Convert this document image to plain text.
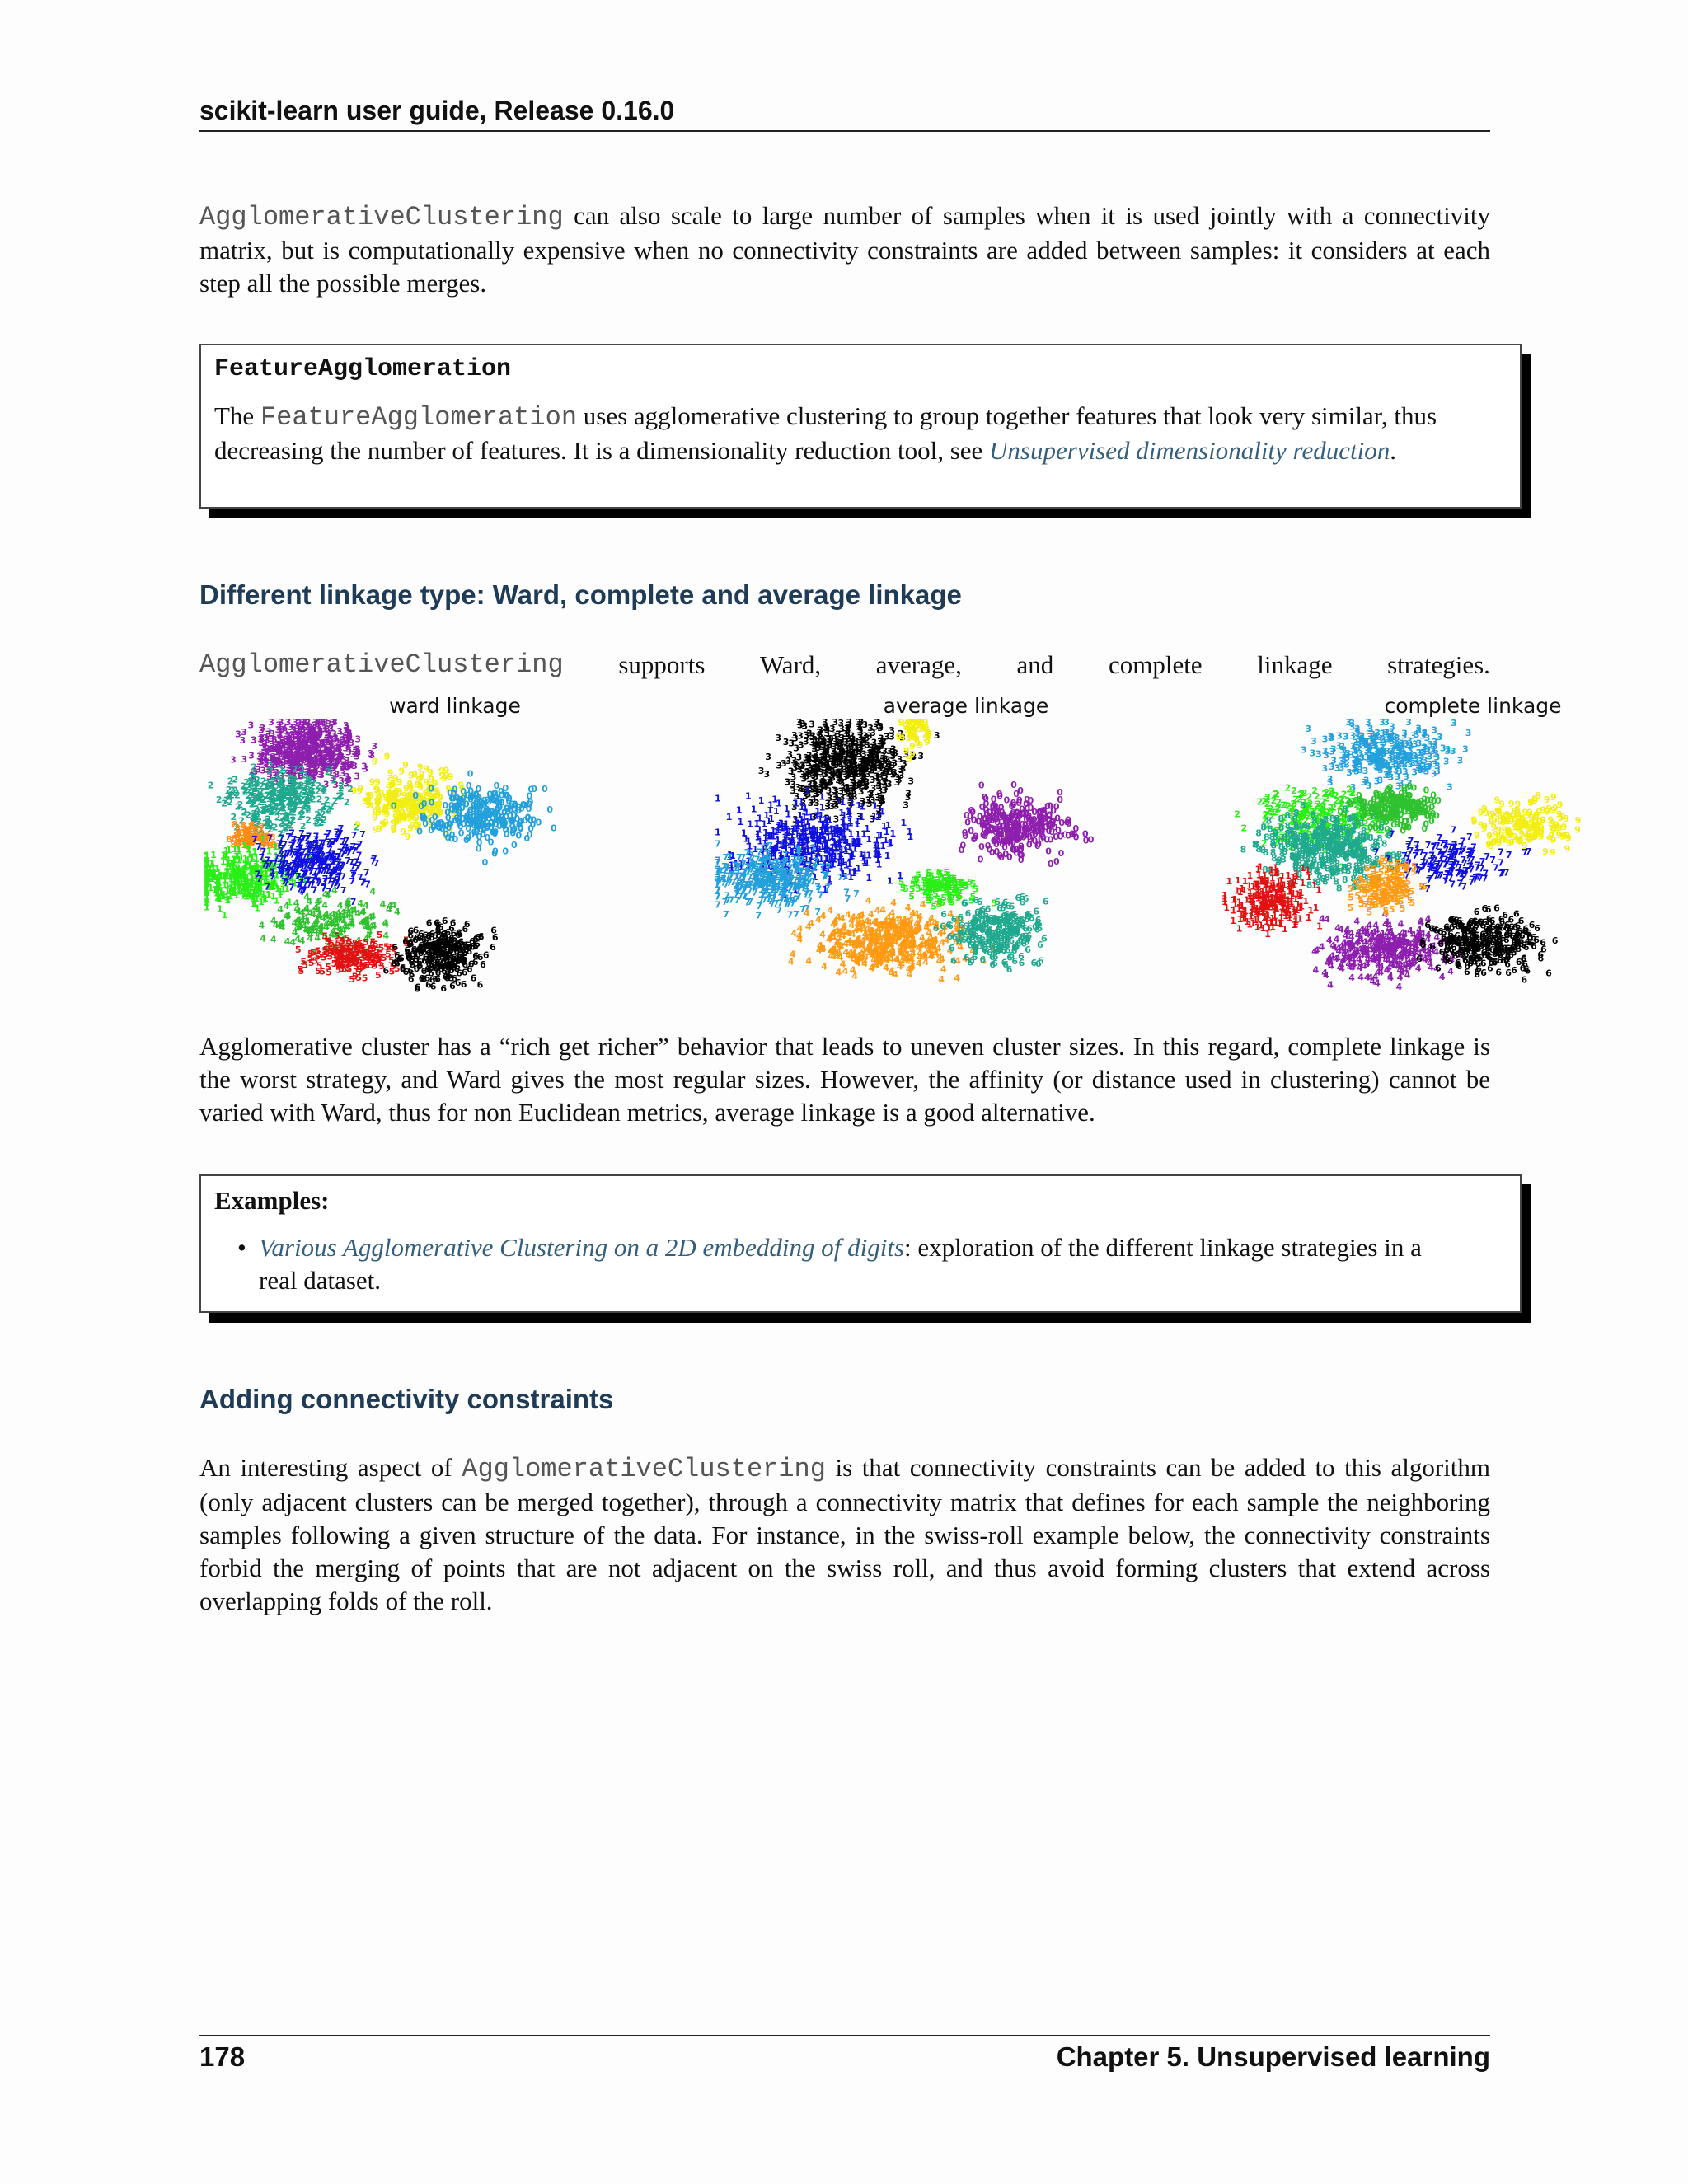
scikit-learn user guide, Release 0.16.0
AgglomerativeClustering can also scale to large number of samples when it is used jointly with a connectivity matrix, but is computationally expensive when no connectivity constraints are added between samples: it considers at each step all the possible merges.
FeatureAgglomeration
The FeatureAgglomeration uses agglomerative clustering to group together features that look very similar, thus decreasing the number of features. It is a dimensionality reduction tool, see Unsupervised dimensionality reduction.
Different linkage type: Ward, complete and average linkage
AgglomerativeClustering supports Ward, average, and complete linkage strategies.
3
3
3
3 3
3
3
3
3
3
3 3	3
3
3
3
3
3
3
3
3	3
3
3
3
3
3
3
3 3
3
3
3
3
3
3
3
3
3
3
3
3	3
3
3
3
3
3
3
3
3
3
3
3
3
3	3
3
3
3
3
3
3
3
3
3
3
3
3
3
3
3
3
3
3
3
3
3
3 3
3
3
3
3
3
3
3
3
3
3
3
3
3
3
3
3
3
3
3
3
3
3
3
3 3
3
3 3
3
3
3
3
3
3
3	3
3 3
3
3
3
3
3
3	3
3
3
3
3
3
3
3
3
3	3
3	3
3
3
3
3
3
3
3
3
3	3
3
3
3
3
3
3
3
3
3
3
3
3
3
3
3
3
3
3
3
3
3
3
3
3
3
3
3
3
3	3
3
3
3	3
3
3
3
3	3
3
3
3	3
3
3
3
3
3
3
3
3
3	3
3
3
3
3
3
3 3
3
3
3
3
3	3
3
3
3 3
3
3
3
3 3
3
3
3
3
3
3
3
3
3
3
3
3
3
3
3
3
3
3
3
3
3
3
3
3
3	3
3	3
3
3
3 3
3
3
3
3
3
3
3
3
3
3	3
3
3
3
3
3
3
3
3
3
3
3
3
3
3
3
3
3
3
3 3
3
3
3
3 3
3
3
3
3
3
3
3
3
3
3
3
3
3
3
3
3
3
3
3
3
3
3
3
3
3
3
3
3
3
3	3
3
3
3
3
3
3
3
3
3
3
3	3
3
3
3
3
3
3
3 3
3
3
3
3
3
3
3
3	3
3 3
3
3
3
3
3
3
3
3 3
3
3
3
3
3
3	3
3
3
3
3
3
3
3
3
3
3
3
3
3
3
3	3 3
3
3
3
3
3
3
3
3
3
3
3
3
3
3
3
3
3
3
3
3
3
3	3
3
3
3
3
3
3
3
3
3
3
3
3
3
3
3	3
3
3
3
3
3
3
3
3 3 3
3
3
3
3
3
3
3
3
3
3	3
3
3
3
3
3
3
3
3
3
3	3
3
3
3
3
3
3
3	3
3
3
3
3
3
3	3
3
3
3
3
3
3
3
3
3
3
3
3
3
3
3
3
3
3
3 3
3	3
3 3
3
3
3	3
3
3
3
3
3
3
3
3
3
3
3
3
3
3
3
3
3
3
3
3
3
2
2
2
2
2
2
2
2
2
2
2
2
2
2
2
2
2
2
2
2
2
2
2
2
2
2
2
2
2
2
2
2
2
2
2
2
2
2
2
2
2
2
2	2
2 2
2
2
2
2
2
2
2
2
2
2
2
2
2
2
2
2
2	2 2
2
2
2
2
2
2
2
2	2
2
2
2
2
2
2
2
2
2	2
2 2
2
2
2
2
2
2
2
2
2
2
2
2
2
2
2
2	2
2
2
2	2
2
2
2
2
2	2
2	2
2
2
2
2
2
2
2 2
2
2
2
2
2
2
2
2
2
2
2
2
2
2
2
2
2
2
2
2 2
2
2	2
2
2
2
2	2
2
2
2	2
2
2
2
2
2
2
2
2
2
2
2
2
2
2
2
2
2
2
2
2
2
2	2
2
2
2
2
2
2
2	2
2
2
2
2
2 2
2
2
2
2
2
2
2 2
2
2
2
2
2
2
2
2
2
2
2
2
2
2	2
2
2
2 2
2	2
2
2
2
2
2
2 2
2
2
2
2
2
2
2
2
2
2
2
2
2
2
2
2
2
2
2
2
2 2
2	2
2
2
2
2
2
2
2
2 2
2	2
2
2
2
2
2 2	2
2
2
2
2
2
2
2
2 2
2
2
2
2
2
2
2
2
2
2
2
2
2
2
2
2
2
2	2
2
9
9
9
9
9
9 9
9
9
9
9	9
9
9
9	9
9
9
9
9
9
9
9
9
9
9
9
9
9 9
9
9
9 9
9	9
9
9
9
9
9
9
9
9
9
9
9
9
9
9	9
9
9
9
9
9
9
9
9
9
9
9
9
9
9
9
9
9
9
9
9
9
9	9 9
9
9
9
9
9
9
9
9
9
9
9
9
9
9 9
9
9
9
9
9
9
9
9 9
9
9
9
9
9	9
9
9
9
9
9
9
9
9
9
9
9
9
9	9
9
9
9
9
9
9
9
9
9
9
9
9
9
9
9
9	9	9
9
9
9
9
9
9
9
9
9
9
9
9
9
9 9	9
9
9
9
9
9	9
9
9
9
9
9
9
9
9
9
9
9
9
9
9
9 9
9
9
9
9
9
9
9
9
9
9
9 9
9
9
9
9
9
9
9
9	9
9
9
9
9
9 9
9
9
9
9
9
9
9
9
9
9
9
9
9
9
9
9
9
9
9
9 9
9
9
9
9
9
9 9
9
9
9
9
9
9
9
9
9
9
0
0
0
0
0
0
0
0
0	0
0
0
0
0
0
0
0
0
0 0
0	0
0
0
0
0
0
0
0
0
0 0
0
0
0
0
0
0
0
0
0
0
0
0
0
0
0
0
0
0
0
0
0
0
0
0
0
0	0
0 0
0
0
0
0
0
0
0
0
0
0	0
0
0
0
0
0
0 0
0
0
0
0
0
0
0
0
0
0	0
0
0	0
0
0
0
0	0
0
0
0 0
0
0
0
0
0
0
0
0
0
0
0
0
0
0
0
0 0
0
0
0
0
0
0	0
0
0
0
0
0
0	0
0
0
0	0
0 0
0
0
0
0 0
0
0
0
0
0
0
0
0
0
0	0
0
0
0
0 0
0
0
0 0
0
0
0
0
0
0
0
0
0
0 0
0
0	0
0
0
0
0
0
0 0
0
0
0
0
0
0
0
0
0
0
0
0
0
0
0
0
0
0
0
0
0
0
0
0	0
0
0
0
0
0
0	0
0
0
0
0 0
0
0
0 0
0
0 0
0
0
0
0
0	0
0
0
0
0
0
0
0
0
0
0
0
0
0
0
0
0
0 0
0
0
0
0
0
0
0
0
0
0
0
0
0
0
0
0
0 0
0 0
0	0
0
0
0 0
0
8 8
8 8
8
8
8
8
8 8 8
8	8
8
8 8
8
8
8
8
8
8
8
8
8
8
8 8
8
8
8
8
8
8
8
8
8 8
8
8
8
8
8
8
8
8
8
8
8
8
8
8 8
8
8
8
8
8
8 8
8
8
8
8
8
8
8
8
8
8
1
1
1
1
1
1
1
1
1
1
1
1
1
1
1
1
1
1 1
1
1
1
1
1	1
1
1
1
1
1
1
1
1
1
1
1
1
1
1
1
1
1
1
1
1
1
1
1
1
1
1
1 1
1
1
1
1
1	1
1
1
1
1
1
1
1
1
1
1
1
1
1
1
1
1
1
1
1
1
1
1
1
1
1
1
1
1
1
1
1
1
1
1	1
1
1
1
1
1
1
1
1
1
1
1
1
1
1
1	1
1
1
1
1
1
1
1
1
1
1
1
1
1
1
1	1
1
1
1
1 1
1
1
1
1
1
1	1
1
1
1
1
1
1
1 1
1
1
1
1
1
1 1
1
1
1
1
1
1
1
1
1
1 1
1
1
1
1
1
1
1 1
1
1
1
1
1
1
1
1
1	1
1
1
1
1
1
1
1
1
1
1
1
1
1
1
1	1
1
1
1
1
1
1	1
1
1	1
1
1
1
1
1
1
1
1
1
1
1
1
1
1
1
1
1
1
1
1	1
1
1
1
1
1
1
1
1
1 1
1
1
1
1
1
1
1
1
1
1	1
1
1
1
1
1
1
1
1
1
1
1
1
1
1
1
1
1
1
1
1
1
1
1
1
1	1
1
1
1
1
1
1
1
1
1
1
1
1
1
1	1
1
1
1
1
1
1
1
1
1
1 1
1
1
1
1
1
1
1
1 1
1
1 1
1
1
1
1
1
1
1
1
1
1
1 1
1
1
1
1
1
1
1	1
1
1
1
1
1
1 1
1
1
1
1	1
1
1
1
1
1
1	1
1
1
1
1 1
1
1
1
1
1
1
1
1
1
1
1
1
1
1
1 1
1
1
1
1
1
1
7
7
7
7
7
7
7
7
7
7
7
7
7
7
7
7
7
7	7
7
7
7
7
7
7
7 7
7
7
7	7
7
7
7
7
7
7
7
7
7
7
7
7
7
7
7
7
7
7
7
7
7
7
7
7
7
7
7
7
7 7
7
7
7
7
7
7 7
7
7	7
7
7
7
7
7 7
7
7
7
7
7
7
7
7
7 7
7 7
7
7
7
7
7
7
7
7
7
7
7
7
7
7
7
7
7
7
7
7
7
7
7
7
7
7
7
7
7
7
7
7
7
7
7
7
7
7
7
7
7
7
7
7
7
7	7
7 7
7
7
7
7
7
7
7 7
7
7
7
7
7
7
7
7
7
7
7	7
7
7
7
7
7
7
7 7
7
7
7
7
7
7
7 7
7
7
7
7
7
7
7
7
7
7
7
7
7
7
7
7
7
7
7
7
7
7
7
7
7	7
7
7
7
7
7
7
7
7
7
7
7
7
7
7
7
7
7
7
7
7
7
7
7
7
7
7
7 7
7
7
7 7
7
7
7
7
7
7
7
7
7
7
7	7
7
7
7
7
7
7
7
7
7
7
7
7
7
7
7
7
7
7 7
7
7
7
7
7
7
7
7
7
7
7
7
7
7
7
7
7	7
7
7
7
7
7
7	7
7
7
7
7
7
7
7
7
7
7
7
7
4 4
4	4
4
4
4
4
4
4 4
4
4	4
4
4
4
4 4 4
4
4
4
4
4
4
4
4
4
4
4 4
4
4
4
4
4
4
4
4
4
4
4
4
4
4
4
4
4
4
4
4
4
4
4
4
4
4
4
4
4
4
4
4
4
4
4
4
4
4
4
4
4
4
4 4
4
4
4
4 4
4
4
4
4
4
4	4
4
4
4
4
4
4
4
4
4
4
4
4	4 4
4
4
4
4
4
4
4
4
4
4
4
4
4
4 4
4	4
4
4
4
4
4
4
4 4
4
4
4
4	4
4
4
4
4
4
4
4
4
4
4 4 4
4
4 4
4
4
4
5
5
5	5
5
5
5
5
5
5
5
5
5 5
5
5
5
5 5
5
5
5
5
5
5
5
5
5
5	5
5
5
5
5
5
5
5
5
5
5
5
5
5
5
5
5
5	5
5
5
5
5
5
5	5
5 5
5
5
5
5
5
5
5
5
5
5
5
5
5
5
5
5
5
5
5
5
5
5
5	5
5
5
5
5
5
5
5
5
5
5
5
5
5
5
5
5
5
5
5
5
5
5
5
5
5
5
5
5
5
5
5
5
5
5
5	5
5
5
5
5
5 5
5
5
5
5
5
5	5
5
5
5
5
5
5 5
5
5
5
5
5
5
5
5
5
5
5
5
5
5
5
5
5
5
5
5	5
5 5
5
5
5
5
5
5
5
5
5
5
5
5
5 5
5
5
5
5
5
5
6 6
6
6
6
6
6
6
6
6
6
6
6
6
6	6
6
6
6
6
6
6
6
6
6
6
6
6
6
6
6 6
6
6
6
6
6
6
6
6
6
6
6
6
6
6
6
6
6
6
6	6
6
6
6
6
6
6
6
6
6
6
6
6
6
6
6
6
6
6
6
6
6
6
6
6
6
6
6
6 6
6
6 6
6
6 6
6
6
6
6
6
6
6
6
6
6
6
6
6
6
6
6
6
6
6
6
6
6
6	6
6
6	6
6
6
6
6
6
6
6
6
6
6
6
6 6
6
6
6
6
6
6
6 6
6
6
6
6
6
6
6
6	6
6
6
6
6
6
6
6
6
6
6
6
6
6
6
6
6
6
6
6
6
6
6 6
6
6
6
6
6
6
6
6	6
6
6
6
6
6
6
6
6
6
6
6
6
6
6 6
6 6
6
6
6
6
6
6
6	6
6
6
6
6	6
6
6
6
6
6
6
6
6
6
6
6
6
6
6
6
6 6 6
6	6
6
6
6
6
6 6
6
6
6
6 6
6
6
6
6
6
6	6
6
6
6
6
6
6
6
6
6
6
6
6	6
6
6
6
6
6 6
6
6
6
6
6
6
6
6
6
6
6
6 6
6
6
6
6
ward linkage
3
3
3
3
3
3
3
3
3
3
3
3
3
3 3
3
3
3
3
3
3
3
3
3
3
3
3
3
3	3
3
3
3
3
3
3 3
3
3
3
3
3
3
3
3
3
3
3
3
3
3
3
3
3
3
3
3
3
3
3
3
3
3
3
3
3
3
3
3
3 3	3
3
3
3
3
3
3
3
3
3
3
3
3
3
3
3
3
3
3
3
3
3
3
3
3
3
3
3
3
3
3
3
3
3
3
3
3
3
3
3
3
3
3
3
3
3
3
3
3
3
3
3
3
3
3
3
3
3
3
3
3
3
3
3
3	3
3	3
3
3
3
3
3	3
3
3
3
3	3
3
3
3
3
3
3
3
3
3
3
3
3
3
3
3
3
3
3
3
3
3
3
3
3
3
3
3
3
3
3
3
3
3
3
3 3
3
3	3
3
3
3
3
3
3
3
3
3
3
3
3
3
3
3
3
3
3	3
3
3
3
3
3
3
3
3
3
3
3
3 3
3
3
3
3
3
3	3
3
3
3
3
3
3
3
3
3
3 3
3
3
3
3
3
3 3
3
3
3
3
3
3
3
3
3
3
3 3	3
3
3
3 3
3
3
3
3
3
3
3	3
3
3
3
3
3
3
3
3
3
3
3
3
3
3
3	3
3
3	3
3
3
3
3
3
3
3
3
3
3
3
3
3
3
3
3
3
3
3
3
3
3
3
3
3
3
3
3
3
3
3
3
3
3
3
3
3
3
3
3
3
3	3
3
3
3
3	3
3
3
3
3
3
3
3
3
3
3
3
3
3
3
3
3
3
3
3
3
3
3
3
3
3
3
3
3
3
3
3
3
3
3
3
3
3
3
3
3
3
3
3
3
3
3
3
3
3
3
3
3
3
3
3
3
3
3
3
3
3
3
3
3
3
3
3
3
3
3
3
3
3
3
3
3
3
3
3
3
3
3
3
3
3
3
3
3
3
3 3
3
3
3
3
3
3
3
3
3
3
3
3
3
3
3
3
3
3
3
3
3
3
3
3
3
3
3
3
3
3	3
3
3
3
3
3	3
3
3
3
3
3
3
3
3
3
3
3
3
3
3
3
3
3
3
3
3
3
3
3
3
3
3
3
3
3
3
3
3
3
3 3
3
3
3
3
3
3
3
3
3
3
3
3
3
3	3
3
3
3
3
9
9
9
9
9
9 9
9
9
9
9
9
9 9
9 9
9
9 9
9
9
9
9
9
9
9
9
9
9
9
9
9
9
9
9
9
9 9
9
9
9
9 9
9
9
9
9
9 9
9
9
9 9
9
9 9
9
9
9
9
0
0
0
0
0
0
0
0
0
0
0
0
0
0
0
0
0
0
0	0
0
0
0
0
0
0
0 0
0
0
0
0
0
0
0
0
0
0
0
0
0
0
0
0 0
0
0
0
0
0
0
0
0
0
0	0
0
0
0
0
0
0
0
0
0
0
0
0
0 0
0
0
0
0
0
0
0
0
0
0
0
0
0
0
0
0
0
0
0
0
0
0
0
0
0
0
0
0
0
0 0
0
0	0
0
0	0
0
0
0
0
0
0
0
0
0
0
0
0
0
0 0
0
0
0
0
0
0
0
0
0
0
0
0
0
0
0
0
0
0
0
0
0
0 0
0
0
0
0
0
0
0
0
0
0
0
0
0
0
0
0
0
0 0	0
0
0
0	0
0
0 0
0
0 0
0	0
0
0
0
0
0 0
0
0
0
0
0
0
0
0
0
0
0
0
0
0
0
0
0
0
0
0
0
0
0
0
0
0
0
0
0
0
0
0
0
0
0
0
0	0
0
0
0
0
0
0
0
0
0	0
0
0
0
0	0
0
0
0
0
0
0	0
0
0
0	0
0
0
0
0
0
0
0
0
0
0
0	0
0
0
0
0 0
0
0
0
0
0
0 0
0
0
0
0
0
0
0
0
0
0
0
0
0
0
0
0
0
0
0
0
0
0
0
0
0
0
0	0
0
1
1
1
1
1
1
1
1
1
1
1
1
1
1
1
1
1
1
1
1
1
1
1
1
1
1
1
1
1
1
1
1
1
1 1
1
1
1
1
1
1
1
1
1
1
1
1
1
1
1
1
1
1
1
1
1
1
1
1
1
1
1
1
1
1	1
1
1
1
1	1
1
1
1
1 1
1
1
1
1
1
1
1
1
1
1
1
1
1 1
1
1
1
1 1
1
1
1
1
1
1
1
1
1
1
1
1
1
1
1
1
1
1
1
1
1
1
1
1
1
1
1	1
1
1
1
1
1
1
1
1
1
1
1
1
1
1
1	1	1
1
1	1
1
1
1
1
1
1
1
1
1
1
1
1
1
1
1
1
1
1
1
1	1
1
1
1
1
1
1
1
1
1
1
1
1 1
1	1
1
1
1 1
1
1
1
1
1
1
1
1
1
1
1
1
1
1
1
1
1
1
1
1
1
1
1 1
1
1
1
1
1
1
1
1
1
1
1
1
1
1 1
1
1
1
1
1
1	1
1
1
1
1
1
1
1
1
1
1
1
1	1
1
1
1	1
1
1
1
1
1
1
1
1
1
1
1
1
1
1
1
1
1
1
1
1
1
1
1
1
1
1
1
1	1
1
1
1	1
1	1
1
1
1
1	1
1
1
1
1
1
1
1
1
1
1 1
1
1 1
1
1
1
1
1
1
1
1
1
1
1
1 1
1
1
1
1
1
1 1
1
1
1
1
1
1
1
1
1	1
1
1
1
1
1
1
1
1
1
1
1
1
1
1
1
1
1
1
1
1	1
1
1
1
1
1
1
1
1
1
1
1
1
1
1
1
1
1
1
1
1
1
1
1
1
1
1
1
1
1
1	1
1
1	1
1
1
1
1
1
1
1
1
1
1
1	1
1
1
1
1
1
1
1
1
1
1
1
1
1
1
1
1
1	1
1
1
1
1
1
7
7
7
7
7 7
7
7 7
7
7
7	7
7
7
7
7
7
7
7
7
7	7
7
7
7
7
7
7
7
7
7
7
7
7
7 7
7
7
7
7
7
7
7
7
7
7
7
7
7
7
7
7
7	7
7
7
7
7	7	7
7
7
7	7 7
7
7
7
7
7
7
7
7
7
7
7 7
7
7
7
7
7
7
7
7
7
7
7
7
7
7
7
7 7
7
7
7
7
7	7
7
7
7
7
7
7
7
7
7
7
7	7
7
7
7
7
7
7
7
7
7
7
7
7
7
7
7
7
7
7
7
7
7
7
7
7	7
7
7
7 7 7
7
7
7
7
7
7
7
7
7
7
7
7
7
7
7
7
7
7
7 7
7
7
7
7
7
7
7
7
7
7
7
7
7
7 7
7
7
7
7
7
7
7
7
7
7
7
7
7
7
7
7
7
7
7 7
7
7
7
7
7
7
7
7
7
7	7
7
7
7
7
7
7
7
7
7
7
7	7
7
7
7
7
7
7
7
7
7
7
7
7
7
7
7
7
7
7
7
7
7
7
7
7
7
7
7 7
7
7
7
7
7
7
7
7
7
7
7
7
7
7
7
7
7
7
7
7
7
7
7	7
7
7
7
7
7
7
7 7
7
7
7
7
7
7
7
7
7
7
7
7
7
7
7
7
7
7
7
7
7
7
7
7
7
7
7
7
7
7	7
7
7
7
7
7
7
7
7 7
7
7
7
7
7
7
7
7
7
7
7
7
7
7
7
7
7
7
7
7
7
7	7
7
7
7
7
7
7
7
7
7
7
7
7
7
7
7
7
7
7 7
7
7
7
7
7
7
7
7
7
7
7
7
7
7
7 7	7
4
4 4
4
4
4
4
4
4
4
4
4
4
4
4
4
4
4
4
4
4
4
4 4
4
4
4
4
4
4
4
4
4
4
4
4
4
4
4
4
4
4
4
4
4
4 4
4
4
4
4
4
4
4
4
4
4
4
4
4
4
4
4
4
4
4
4
4	4
4
4
4
4
4
4
4
4
4
4
4
4
4
4
4
4
4
4
4
4
4
4
4
4
4	4
4
4
4
4
4
4
4
4
4
4
4
4
4
4
4
4 4
4
4
4
4
4
4
4
4
4
4
4
4
4
4
4
4	4
4	4
4
4
4	4
4
4
4
4
4	4
4	4
4
4
4
4
4
4
4 4
4
4
4
4
4
4
4
4
4	4
4
4
4
4
4
4
4
4
4	4
4
4
4	4
4
4
4
4	4
4
4
4	4
4
4
4	4
4
4
4
4
4	4
4
4
4
4
4
4
4
4
4
4
4
4	4
4
4
4
4
4
4
4
4
4
4
4
4
4
4
4
4
4
4	4
4
4
4
4
4
4
4
4
4
4
4
4
4
4
4	4
4
4
4
4
4 4
4
4
4
4
4
4
4
4
4
4
4
4
4
4
4
4
4
4
4
4
4
4
4
4
4
4
4
4
4
4 4
4
4
4
4
4
4
4
4
4
4 4
4
4
4
4	4
4
4
4
4
4
4
4
4
4
4
4
4
4
4
4
4
4
4
4	4
4
4
4
4
4
4
4
4
4
4
4	4
4
4
4
4
4
4
4	4
4
4	4
4
4
4
4
4	4
4
4
4
4
4
4
4
4
4
4	4
4
4 4
4
4
4	4
4
4
4
4
4
4
4
4
4
4
4
4
4
4
4
4 4
4
4
4
4 4
4 4
4
4
4
4
4
4
4
4
4
4
4
4
4
4
4	4
4
4
4
4
4
4
4
4
4
4	4
4
4
4
4	4
4
4	6
6
6
6
6
6 6
6
6
6
6
6	6
6
6
6
6
6
6
6
6
6
6
6
6
6
6
6
6
6
6
6
6
6
6
6
6	6
6
6
6
6
6
6 6
6
6
6
6
6
6
6
6
6
6
6
6
6
6
6
6
6
6
6
6
6	6
6
6
6
6
6	6
6
6
6
6
6
6
6
6
6
6
6
6
6
6
6
6
6
6
6
6
6
6
6
6
6
6
6
6
6
6	6
6
6
6
6
6
6
6
6
6
6	6
6
6
6
6
6
6
6
6
6
6
6
6
6
6
6
6
6
6
6	6
6
6 6
6
6
6
6
6
6
6
6
6
6
6
6
6
6
6
6
6
6
6	6 6
6
6
6
6
6
6
6
6 6
6	6
6
6
6
6
6
6
6
6
6 6
6
6
6
6 6
6
6
6
6
6
6
6
6
6
6
6
6
6
6
6
6
6
6
6
6
6	6
6 6
6
6
6
6
6
6
6 6
6
6
6
6
6
6
6	6
6
6
6
6
6
6
6
6
6
6
6
6
6
6
6 6
6
6
6
6
6
6
6
6
6
6
6
6
6
6
6
6
6
6
6
5
5
5
5
5
5
5
5 5
5
5 5	5
5
5
5
5
5
5
5 5
5
5
5
5 5
5
5
5
5
5
5
5
5 5
5 5
5
5
5
5
5	5
5
5
5
5	5
5 5
5
5
5 5
5 5
5
5
5
5
5 5
5
5
5	5
5
5
5
5
5
5
5
5 5
5
5
5
5
5
5
5
5
5
5
5
5
5
5
5
5
5
5
5
5	5
5 5
5
5
5
5
5
5	5
5 5
5
5
5
5
5
5 5 5
5
5
5
5
5
average linkage
3
3
3
3
3
3
3
3
3
3
3
3
3
3
3
3
3
3
3
3 3
3
3
3
3
3
3
3
3	3
3
3
3
3
3
3
3
3 3
3
3
3
3 3
3
3	3	3
3	3
3
3
3
3
3
3
3
3
3
3
3
3
3
3	3
3
3
3
3
3
3 3
3
3
3
3
3
3
3 3
3
3
3
3
3
3
3	3 3
3
3
3
3
3
3
3
3
3
3
3
3
3
3
3
3
3
3
3
3
3
3
3 3
3
3
3
3
3	3
3
3
3
3
3
3
3
3
3
3
3
3
3	3
3
3
3
3
3
3
3
3
3
3
3
3
3
3
3
3
3
3
3
3
3 3
3
3
3
3
3
3
3
3
3
3
3
3
3
3
3
3
3	3
3
3
3
3
3
3
3
3
3
3
3
3
3
3
3 3
3
3
3
3
3
3
3
3
3
3
3	3
3
3
3
3
3
3
3
3
3
3
3
3
3
3
3
3
3
3
3
3
3
3
3
3
3
3
3
3
3
3
3
3
3
3
3 3
3
3
3
3
3
3
3
3
3
3
3
3
3
3
3
3
3
3	3
3
3
3
3	3
3
3	3
3
3
3
3
3
3
3
3
3
3
3	3
3
3
3
3
3
3
3
3
3
3
3
3
3	3
3	3
3
3
3
3
3
3
3
3
2
2
2
2
2
2
2
2
2
2
2
2
2
2 2
2
2
2
2
2
2
2
2
2
2	2
2
2
2
2
2
2
2
2
2
2
2
2
2
2
2
2
2
2
2
2	2
2
2
2
2
2
2
2
2 2
2
2
2
2
2	2
2
2
2
2
2
2
2
2
2
2
2
2
2
2
2
2
2	2
2
2
2
2
2
2	2
2
2
2
2
2
2
2
2
2
2 2
2
2
2
2
2
2
2
2
2
2	2
2
2
2
2
2
2
2
2	2
2 2
2
2
2
2
2
2
2
2 2
2
2	2
2
2
2
2
2
2 2
2
2
2
2
2
2
2
2
2
2
2
2
2
2
2
2
2
2
2
2
2
2
2
2	2
2
2
2
2
2
2	2
2
2
2
2
2
2
2
2 2
2
2
2
2
2
2
2
2	2
2
2
2
2
2
2
2
2
2
2
2
2
2
2
2
2
2
2
2
2
2
2
2
2
2
2
2	2
2
2
2
2
2
2
2	2
2 2
2
2
2
2
2
2
2
2	2
2
2
2
2
2
2
2
2
2
2
2
2
2	2
2
2
2
2
2
2
2
2
2
2
9
9
9
9
9 9
9
9
9
9
9
9
9
9
9
9
9
9
9
9
9
9
9
9
9
9	9
9
9
9
9 9
9
9
9
9
9
9
9 9
9
9
9
9
9
9
9
9
9
9
9
9
9
9
9
9
9
9
9	9
9
9
9
9
9
9
9
9	9
9
9
9
9
9
9
9
9
9
9
9
9
9
9
9
9
9
9
9
9
9
9
9
9
9
9
9 9
9
9
9
9
9
9
9
9
9
9
9
9 9
9
9
9
9
9
9
9
9
9
9
9
9
9
9 9
9
9
9
9
9
9
9
9
9
9
9
9	9
9
9
9
9
9
9
9
9	9
9
9
9
9
9
9	9
9
9
9
9
9
9
8
8
8
8
8	8
8
8
8	8
8
8
8
8
8
8
8
8
8
8
8	8
8
8
8
8
8
8
8
8
8
8
8
8
8
8
8
8
8
8
8
8
8
8
8
8
8 8
8
8
8
8
8
8
8
8
8	8
8
8
8
8
8
8
8
8
8
8
8
8
8
8
8
8
8
8
8
8
8
8
8	8
8
8
8
8
8
8 8
8
8
8
8
8
8
8
8
8
8
8
8
8
8
8
8
8
8
8
8
8
8
8
8
8
8
8
8
8
8
8
8
8
8
8
8
8
8
8
8
8
8
8
8
8
8
8
8
8
8
8
8
8
8
8
8
8
8
8
8
8
8
8
8
8
8
8
8
8
8
8
8
8
8
8
8
8
8
8
8
8
8
8
8
8 8
8
8
8
8	8
8
8
8
8
8
8 8
8
8
8
8
8
8
8
8
8
8
8
8
8
8
8
8
8
8
8
8
8
8
8
8
8
8
8
8
8
8
8
8
8
8
8
8
8 8
8
8
8
8
8
8
8
8
8
8
8	8
8
8
8
8	8
8
8
8
8
8
8
8
8
8
8
8
8
8
8
8
8
8
8
8
8
8
8
8
8
8
8
8
8
8
8
8
8
8	8
8
8
8
8
8
8	8
8
8
8 8
8
8
8 8
8
8
8	8
8
8
8
8
8
8
8
8
8
8
8
8
8
8
8
8
8
8
8
8
8
8
8
8
8
8 8
8
8 8
8
8
8
8
8
8 8
8
8
8
8
8
8
8
8
8
8
8
8
8
8
8
8
8
8
8
8
8
8
8
8
8
8
8
8
1
1
1
1
1
1
1
1
1
1
1
1
1
1
1
1
1
1
1
1
1
1
1
1
1
1
1
1
1
1
1
1
1
1
1
1
1
1
1
1
1 1
1
1
1
1
1
1	1 1
1
1
1
1
1
1
1
1
1
1
1	1
1
1
1
1	1
1
1 1
1
1
1
1
1
1
1
1
1 1
1
1	1
1
1
1
1
1
1
1
1
1
1
1
1
1
1
1
1	1
1
1
1
1
1
1
1
1
1
1 1
1
1
1
1
1
1
1
1
1
1
1
1
1
1
1
1
1	1
1
1 1
1
1
1
1
1
1
1
1
1
1
1
1
1
1
1	1
1
1
1
1
1
1
1
1
1
1
1
1
1
1
1
1
1
1 1
1
1
1
1
1
1
1
1
1
1
1
1
1
1
1
1
1
1
1
1
1
1
1
1	1
1
1
1
1
1
1
1
1
1
1
1
1
1
1
1	1
1
1
1
1
1
1
1
1
1 1
1
1
1	1
1	1
1
1
1
1
1	1
1
1
1
1
1
1
1
1
1
1
1
1
1
1
1
1
1
1
1
1
1
1
1	1
1
1
1
1
1
1
7
7
7
7
7
7
7
7
7
7
7 7
7
7
7
7
7
7
7 7
7
7
7
7 7
7
7
7
7
7
7	7
7
7
7
7
7
7
7
7
7
7
7
7
7
7	7
7
7
7
7
7
7
7
7
7
7
7 7
7
7
7
7
7
7
7
7
7
7
7
7
7 7
7
7	7
7
7
7
7
7
7
7
7
7
7
7
7
7
7
7
7
7
7
7
7
7	7
7
7
7
7
7
7
7
7
7
7
7
7
7
7
7
7
7
7
7	7
7
7
7
7
7
7
7
7
7
7
7
7
7
7
7
7
7
7
7
7
7	7
7	7
7
7
7
7
7
7	7
7	7
7 7
7
7
7
7
7
7
7
4
4
4
4	4
4
4
4
4
4
4
4
4
4	4
4
4
4
4
4
4
4
4
4
4
4
4
4
4
4
4
4
4
4
4
4
4
4
4
4	4
4
4
4
4
4
4
4
4
4
4
4	4
4
4
4
4
4
4
4
4
4
4
4
4
4
4
4
4
4 4
4
4
4
4
4
4
4
4
4
4
4
4
4
4
4
4
4
4
4
4
4
4 4
4
4	4
4
4
4
4
4
4
4
4
4
4 4
4
4
4
4
4
4	4
4
4
4
4
4
4
4
4
4
4
4
4
4
4	4
4
4
4
4 4 4
4
4
4
4
4
4
4
4
4
4 4
4
4
4
4
4
4
4
4
4
4
4
4
4
4
4
4
4
4	4
4
4
4
4	4
4
4
4
4
4
4
4
4
4
4
4
4
4
4
4
4 4
4
4
4
4
4
4	4
4
4	4
4
4	4
4
4	4
4
4	4
4
4
4
4
4
4
4
4
4
4
4
4
4
4
4
4
4
4
4
4	4
4	4
4
4
4
4
4
4
4
4
4
4	4
4
4
4
4
4
4
4	4
4
4
4
4
4
4
4
4	4
4
4
4
4
4
4	4
4
4
4
4
4
4
4
4 4
4
4
4
4
4
4 4
4
4
4
4
4
4
4
4	4
4
4
4
4
4
4
4
4
4
4
4
4
4
4
4
4 4
4
4
4
4
4
4
4
4
4
4
4
4
4
5
5
5
5
5 5
5
5
5
5
5
5
5
5
5
5
5
5
5 5
5
5
5
5
5
5
5
5
5
5
5
5
5
5
5
5
5 5
5
5
5
5
5
5
5
5
5
5
5
5 5
5
5 5
5
5	5
5
5
5
5
5
5
5 5
5
5
5
5
5
5
5
5
5
5
5
5
5 5
5
5
5
5
5
5
5
5
5 5
5
5
5
5
5
5
5
5
5
5
5
5
5
5	5
5
5
5
5
5
5
5
5
5
5
5
5
5
5
5
5
5
5
5 5
5
5 5
5
5
5
5
5
5
5
5
5
5
5
5
5
5
5
5
5 5	5
5
5
5
5
5
5
5
5
5
5
5
5
5
5
6
6
6	6
6
6
6 6
6
6
6
6	6
6
6
6
6
6
6
6	6
6
6
6
6
6
6
6
6
6
6
6
6
6
6
6
6
6
6
6
6
6
6
6
6
6
6
6
6
6	6
6 6
6
6
6
6
6
6
6
6
6
6	6
6
6
6
6
6
6
6
6	6
6
6
6
6
6
6
6
6
6
6
6
6
6
6
6
6
6
6
6
6
6
6
6
6
6
6
6
6
6 6
6
6
6
6
6
6
6
6
6
6
6
6
6
6
6
6
6
6	6
6
6
6
6
6
6
6
6
6
6
6
6
6
6
6
6
6	6
6 6
6
6
6
6
6
6
6
6
6
6 6
6
6
6
6
6
6	6
6
6
6
6
6
6
6
6
6
6
6 6	6
6
6
6	6
6
6
6
6
6
6
6	6
6
6
6
6
6 6
6
6
6
6
6
6
6
6
6	6
6
6
6
6
6
6
6
6
6
6
6
6
6
6
6
6
6
6
6
6
6
6
6
6
6
6
6 6
6
6
6
6	6
6
6
6
6
6
6
6
6
6
6
6
6
6
6
6
6
6
6
6
6	6
6
6
6
6
6
6
6
6
6
6
6
6
6
6
6
6
6
6
6
6
6
6
6 6
6
6
6
6
6
6
6
6
6
6
6
6
6
6
6
6
6
6
6
6
6
0
0 0
0
0
0
0
0
0
0
0
0	0
0
0
0
0
0
0
0
0 0
0
0
0
0
0
0
0
0
0
0
0
0
0
0
0
0
0 0
0
0 0
0
0
0
0
0
0	0
0	0
0
0
0
0
0
0
0
0
0
0
0
0
0
0
0
0
0
0
0
0
0	0
0
0 0
0
0
0 0
0
0
0
0
0
0
0
0
0
0
0
0
0
0
0
0 0
0
0
0
0 0
0 0 0
0 0
0
0
0	0
0
0 0
0
0
0
0
0
0 0
0
0
0
0
0
0
0
0	0
0
0 0
0
0
0
0
0
0 0
0
0
0
0
0
0	0
0
0 0
0
0 0
0
0
0
0
0
0
0
0
0
0
0
0
0	0
0
0
0	0
0
0
0
0	0	0
0
0
0
0
0
0	0
0	0
0
0
0 0
0
0
0
0
0
0
0
0
0
0
0
0
0
0
0	0
0
0
0
0
0
0 0
0
0
0
0
0
0
complete linkage
Agglomerative cluster has a “rich get richer” behavior that leads to uneven cluster sizes. In this regard, complete linkage is the worst strategy, and Ward gives the most regular sizes. However, the affinity (or distance used in clustering) cannot be varied with Ward, thus for non Euclidean metrics, average linkage is a good alternative.
Examples:
• Various Agglomerative Clustering on a 2D embedding of digits: exploration of the different linkage strategies in a real dataset.
Adding connectivity constraints
An interesting aspect of AgglomerativeClustering is that connectivity constraints can be added to this algorithm (only adjacent clusters can be merged together), through a connectivity matrix that defines for each sample the neighboring samples following a given structure of the data. For instance, in the swiss-roll example below, the connectivity constraints forbid the merging of points that are not adjacent on the swiss roll, and thus avoid forming clusters that extend across overlapping folds of the roll.
178	Chapter 5. Unsupervised learning
